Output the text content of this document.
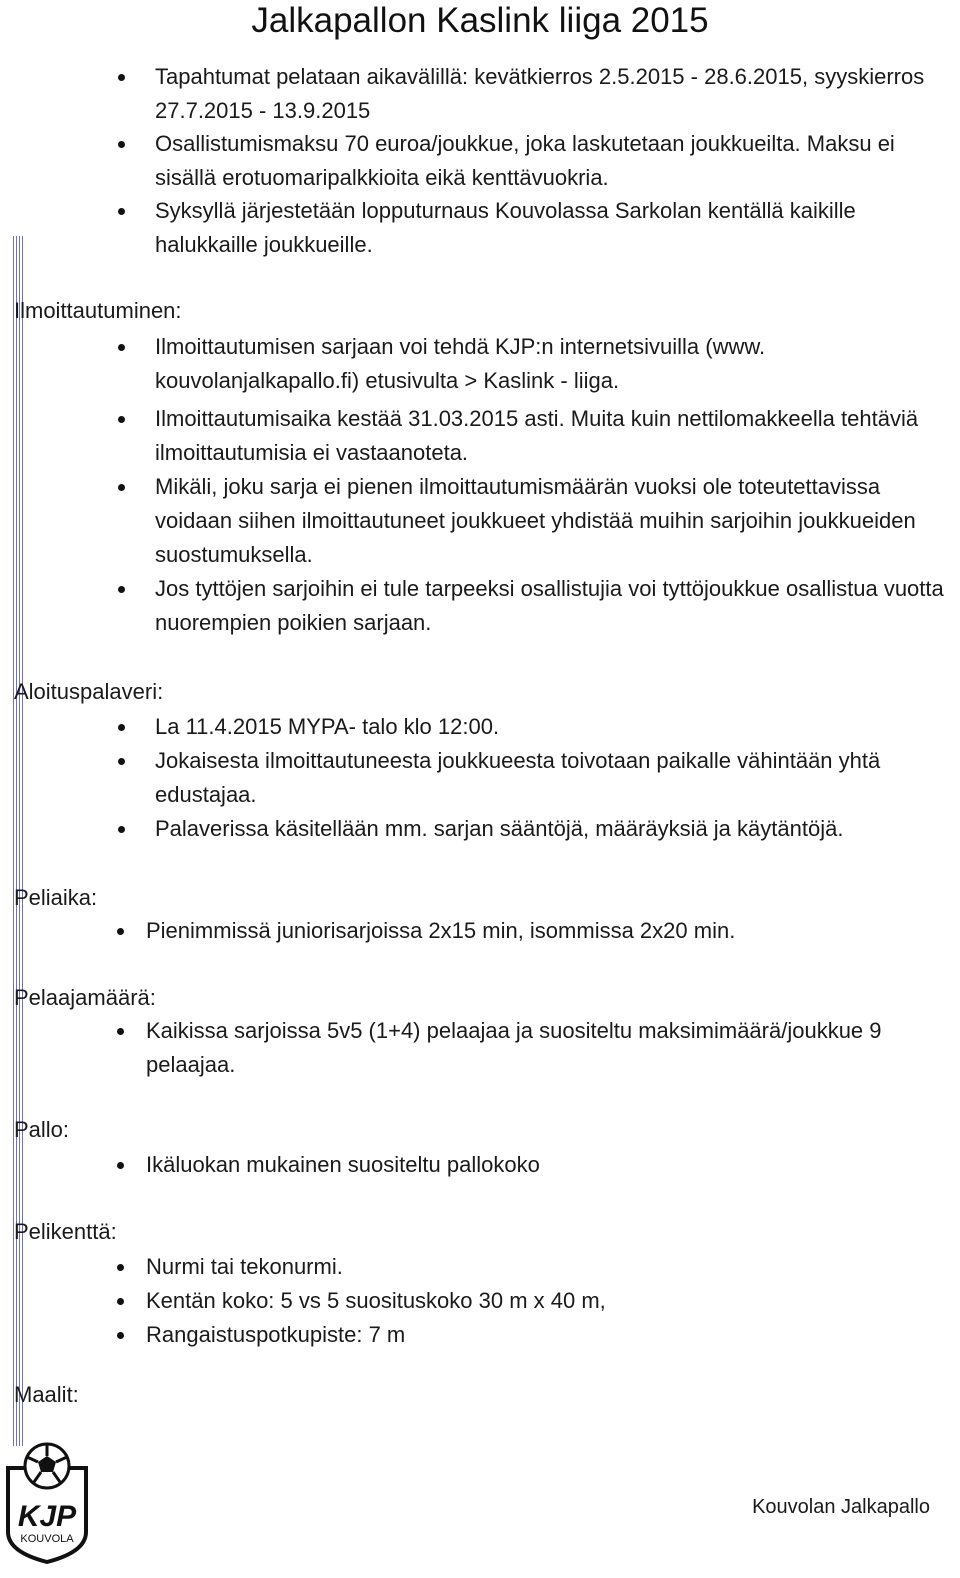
Jalkapallon Kaslink liiga 2015
Tapahtumat pelataan aikavälillä: kevätkierros 2.5.2015 - 28.6.2015, syyskierros 27.7.2015 - 13.9.2015
Osallistumismaksu 70 euroa/joukkue, joka laskutetaan joukkueilta. Maksu ei sisällä erotuomaripalkkioita eikä kenttävuokria.
Syksyllä järjestetään lopputurnaus Kouvolassa Sarkolan kentällä kaikille halukkaille joukkueille.
Ilmoittautuminen:
Ilmoittautumisen sarjaan voi tehdä KJP:n internetsivuilla (www. kouvolanjalkapallo.fi) etusivulta > Kaslink - liiga.
Ilmoittautumisaika kestää 31.03.2015 asti. Muita kuin nettilomakkeella tehtäviä ilmoittautumisia ei vastaanoteta.
Mikäli, joku sarja ei pienen ilmoittautumismäärän vuoksi ole toteutettavissa voidaan siihen ilmoittautuneet joukkueet yhdistää muihin sarjoihin joukkueiden suostumuksella.
Jos tyttöjen sarjoihin ei tule tarpeeksi osallistujia voi tyttöjoukkue osallistua vuotta nuorempien poikien sarjaan.
Aloituspalaveri:
La 11.4.2015 MYPA- talo klo 12:00.
Jokaisesta ilmoittautuneesta joukkueesta toivotaan paikalle vähintään yhtä edustajaa.
Palaverissa käsitellään mm. sarjan sääntöjä, määräyksiä ja käytäntöjä.
Peliaika:
Pienimmissä juniorisarjoissa 2x15 min, isommissa 2x20 min.
Pelaajamäärä:
Kaikissa sarjoissa 5v5 (1+4) pelaajaa ja suositeltu maksimimäärä/joukkue 9 pelaajaa.
Pallo:
Ikäluokan mukainen suositeltu pallokoko
Pelikenttä:
Nurmi tai tekonurmi.
Kentän koko: 5 vs 5 suosituskoko 30 m x 40 m,
Rangaistuspotkupiste: 7 m
Maalit:
KJP
KOUVOLA
Kouvolan Jalkapallo
